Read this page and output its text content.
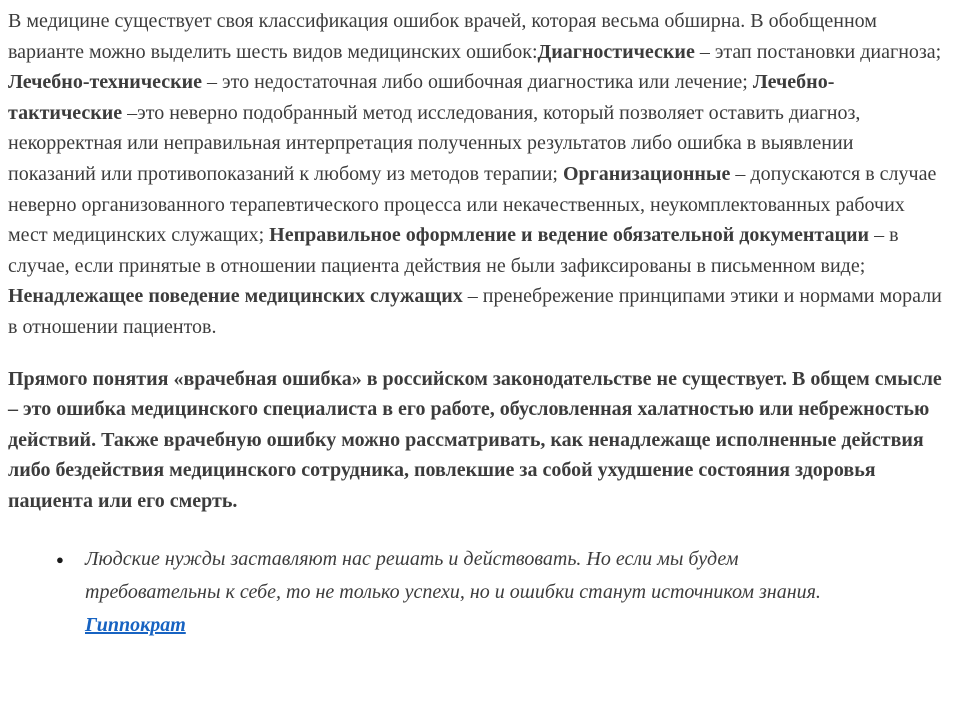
В медицине существует своя классификация ошибок врачей, которая весьма обширна. В обобщенном варианте можно выделить шесть видов медицинских ошибок:Диагностические – этап постановки диагноза; Лечебно-технические – это недостаточная либо ошибочная диагностика или лечение; Лечебно-тактические –это неверно подобранный метод исследования, который позволяет оставить диагноз, некорректная или неправильная интерпретация полученных результатов либо ошибка в выявлении показаний или противопоказаний к любому из методов терапии; Организационные – допускаются в случае неверно организованного терапевтического процесса или некачественных, неукомплектованных рабочих мест медицинских служащих; Неправильное оформление и ведение обязательной документации – в случае, если принятые в отношении пациента действия не были зафиксированы в письменном виде; Ненадлежащее поведение медицинских служащих – пренебрежение принципами этики и нормами морали в отношении пациентов.

Прямого понятия «врачебная ошибка» в российском законодательстве не существует. В общем смысле – это ошибка медицинского специалиста в его работе, обусловленная халатностью или небрежностью действий. Также врачебную ошибку можно рассматривать, как ненадлежаще исполненные действия либо бездействия медицинского сотрудника, повлекшие за собой ухудшение состояния здоровья пациента или его смерть.

● Людские нужды заставляют нас решать и действовать. Но если мы будем требовательны к себе, то не только успехи, но и ошибки станут источником знания. Гиппократ
